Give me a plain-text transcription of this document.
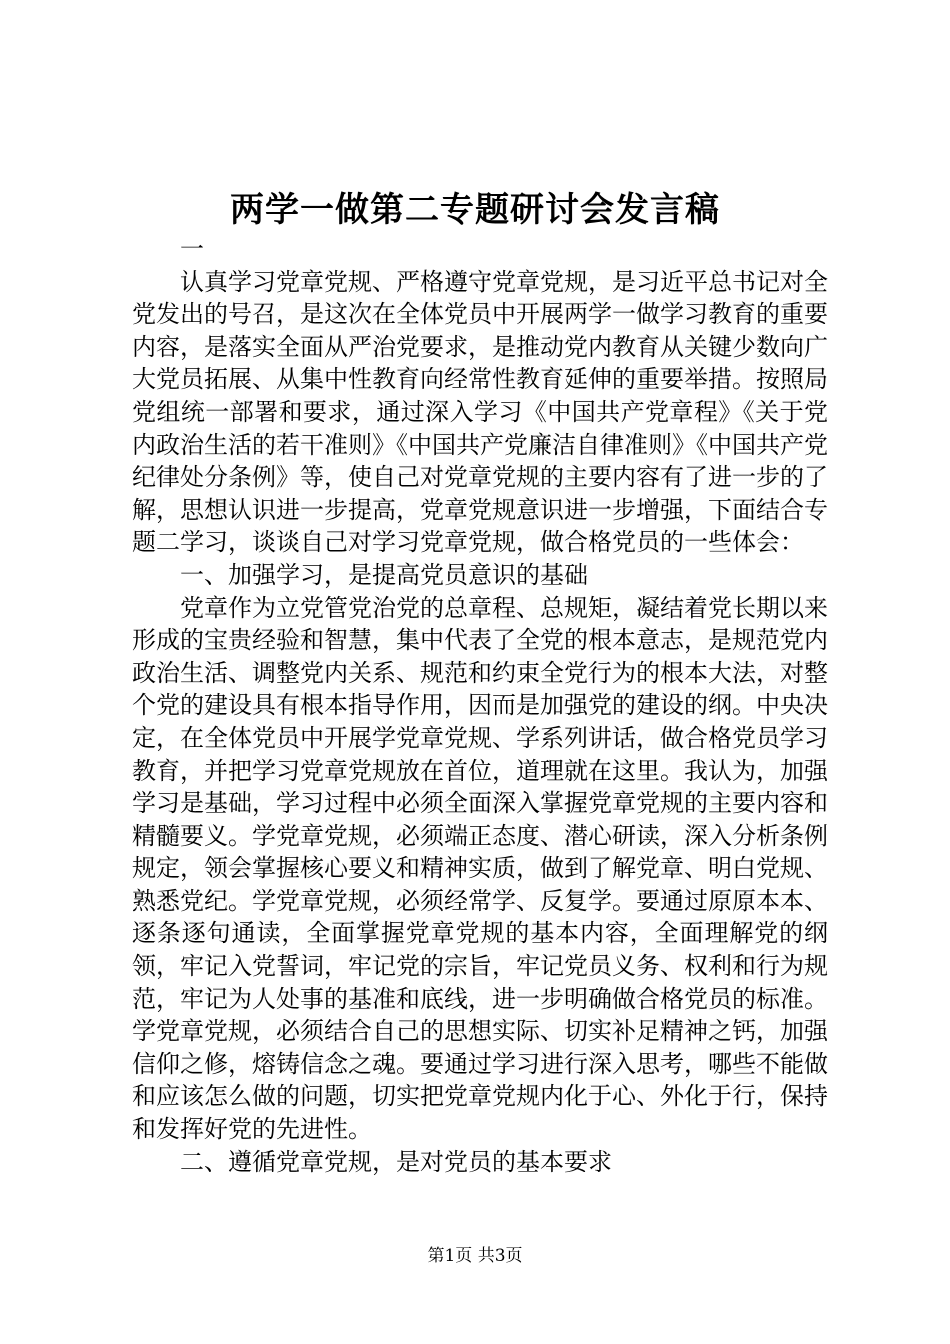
两学一做第二专题研讨会发言稿

一

认真学习党章党规、严格遵守党章党规，是习近平总书记对全党发出的号召，是这次在全体党员中开展两学一做学习教育的重要内容，是落实全面从严治党要求，是推动党内教育从关键少数向广大党员拓展、从集中性教育向经常性教育延伸的重要举措。按照局党组统一部署和要求，通过深入学习《中国共产党章程》《关于党内政治生活的若干准则》《中国共产党廉洁自律准则》《中国共产党纪律处分条例》等，使自己对党章党规的主要内容有了进一步的了解，思想认识进一步提高，党章党规意识进一步增强，下面结合专题二学习，谈谈自己对学习党章党规，做合格党员的一些体会：

一、加强学习，是提高党员意识的基础

党章作为立党管党治党的总章程、总规矩，凝结着党长期以来形成的宝贵经验和智慧，集中代表了全党的根本意志，是规范党内政治生活、调整党内关系、规范和约束全党行为的根本大法，对整个党的建设具有根本指导作用，因而是加强党的建设的纲。中央决定，在全体党员中开展学党章党规、学系列讲话，做合格党员学习教育，并把学习党章党规放在首位，道理就在这里。我认为，加强学习是基础，学习过程中必须全面深入掌握党章党规的主要内容和精髓要义。学党章党规，必须端正态度、潜心研读，深入分析条例规定，领会掌握核心要义和精神实质，做到了解党章、明白党规、熟悉党纪。学党章党规，必须经常学、反复学。要通过原原本本、逐条逐句通读，全面掌握党章党规的基本内容，全面理解党的纲领，牢记入党誓词，牢记党的宗旨，牢记党员义务、权利和行为规范，牢记为人处事的基准和底线，进一步明确做合格党员的标准。学党章党规，必须结合自己的思想实际、切实补足精神之钙，加强信仰之修，熔铸信念之魂。要通过学习进行深入思考，哪些不能做和应该怎么做的问题，切实把党章党规内化于心、外化于行，保持和发挥好党的先进性。

二、遵循党章党规，是对党员的基本要求

第1页 共3页
